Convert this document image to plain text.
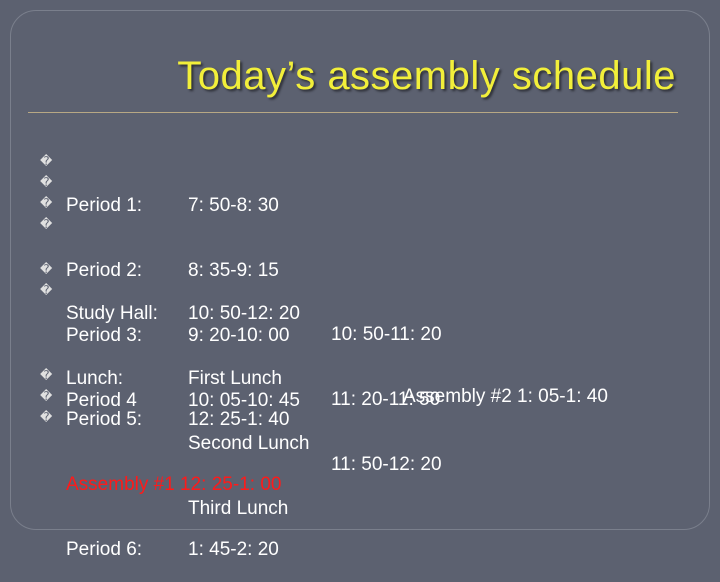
Today’s assembly schedule
�
�
�
�

Period 1:

Period 2:

Period 3:

Period 4

7: 50-8: 30

8: 35-9: 15

9: 20-10: 00

10: 05-10: 45

�
�

Study Hall:

Lunch:

10: 50-12: 20

First Lunch

Second Lunch

Third Lunch

10: 50-11: 20

11: 20-11: 50

11: 50-12: 20

�
�
�

Period 5: 12: 25-1: 40

Assembly #1 12: 25-1: 00

Period 6: 1: 45-2: 20

Assembly #2 1: 05-1: 40
